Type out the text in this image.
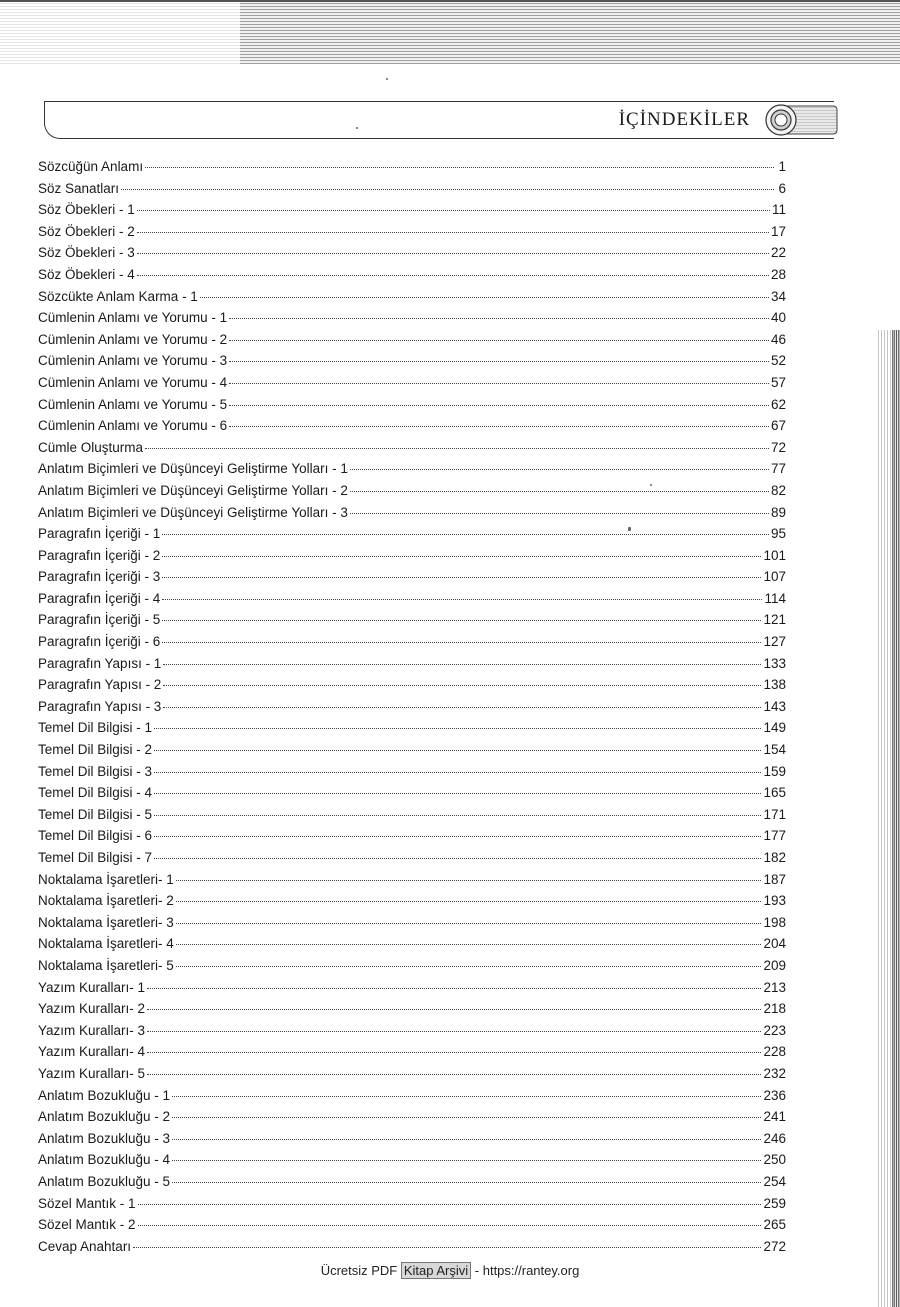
İÇİNDEKİLER
Sözcüğün Anlamı	1
Söz Sanatları	6
Söz Öbekleri - 1	11
Söz Öbekleri - 2	17
Söz Öbekleri - 3	22
Söz Öbekleri - 4	28
Sözcükte Anlam Karma - 1	34
Cümlenin Anlamı ve Yorumu - 1	40
Cümlenin Anlamı ve Yorumu - 2	46
Cümlenin Anlamı ve Yorumu - 3	52
Cümlenin Anlamı ve Yorumu - 4	57
Cümlenin Anlamı ve Yorumu - 5	62
Cümlenin Anlamı ve Yorumu - 6	67
Cümle Oluşturma	72
Anlatım Biçimleri ve Düşünceyi Geliştirme Yolları - 1	77
Anlatım Biçimleri ve Düşünceyi Geliştirme Yolları - 2	82
Anlatım Biçimleri ve Düşünceyi Geliştirme Yolları - 3	89
Paragrafın İçeriği - 1	95
Paragrafın İçeriği - 2	101
Paragrafın İçeriği - 3	107
Paragrafın İçeriği - 4	114
Paragrafın İçeriği - 5	121
Paragrafın İçeriği - 6	127
Paragrafın Yapısı - 1	133
Paragrafın Yapısı - 2	138
Paragrafın Yapısı - 3	143
Temel Dil Bilgisi - 1	149
Temel Dil Bilgisi - 2	154
Temel Dil Bilgisi - 3	159
Temel Dil Bilgisi - 4	165
Temel Dil Bilgisi - 5	171
Temel Dil Bilgisi - 6	177
Temel Dil Bilgisi - 7	182
Noktalama İşaretleri- 1	187
Noktalama İşaretleri- 2	193
Noktalama İşaretleri- 3	198
Noktalama İşaretleri- 4	204
Noktalama İşaretleri- 5	209
Yazım Kuralları- 1	213
Yazım Kuralları- 2	218
Yazım Kuralları- 3	223
Yazım Kuralları- 4	228
Yazım Kuralları- 5	232
Anlatım Bozukluğu - 1	236
Anlatım Bozukluğu - 2	241
Anlatım Bozukluğu - 3	246
Anlatım Bozukluğu - 4	250
Anlatım Bozukluğu - 5	254
Sözel Mantık - 1	259
Sözel Mantık - 2	265
Cevap Anahtarı	272
Ücretsiz PDF Kitap Arşivi - https://rantey.org
